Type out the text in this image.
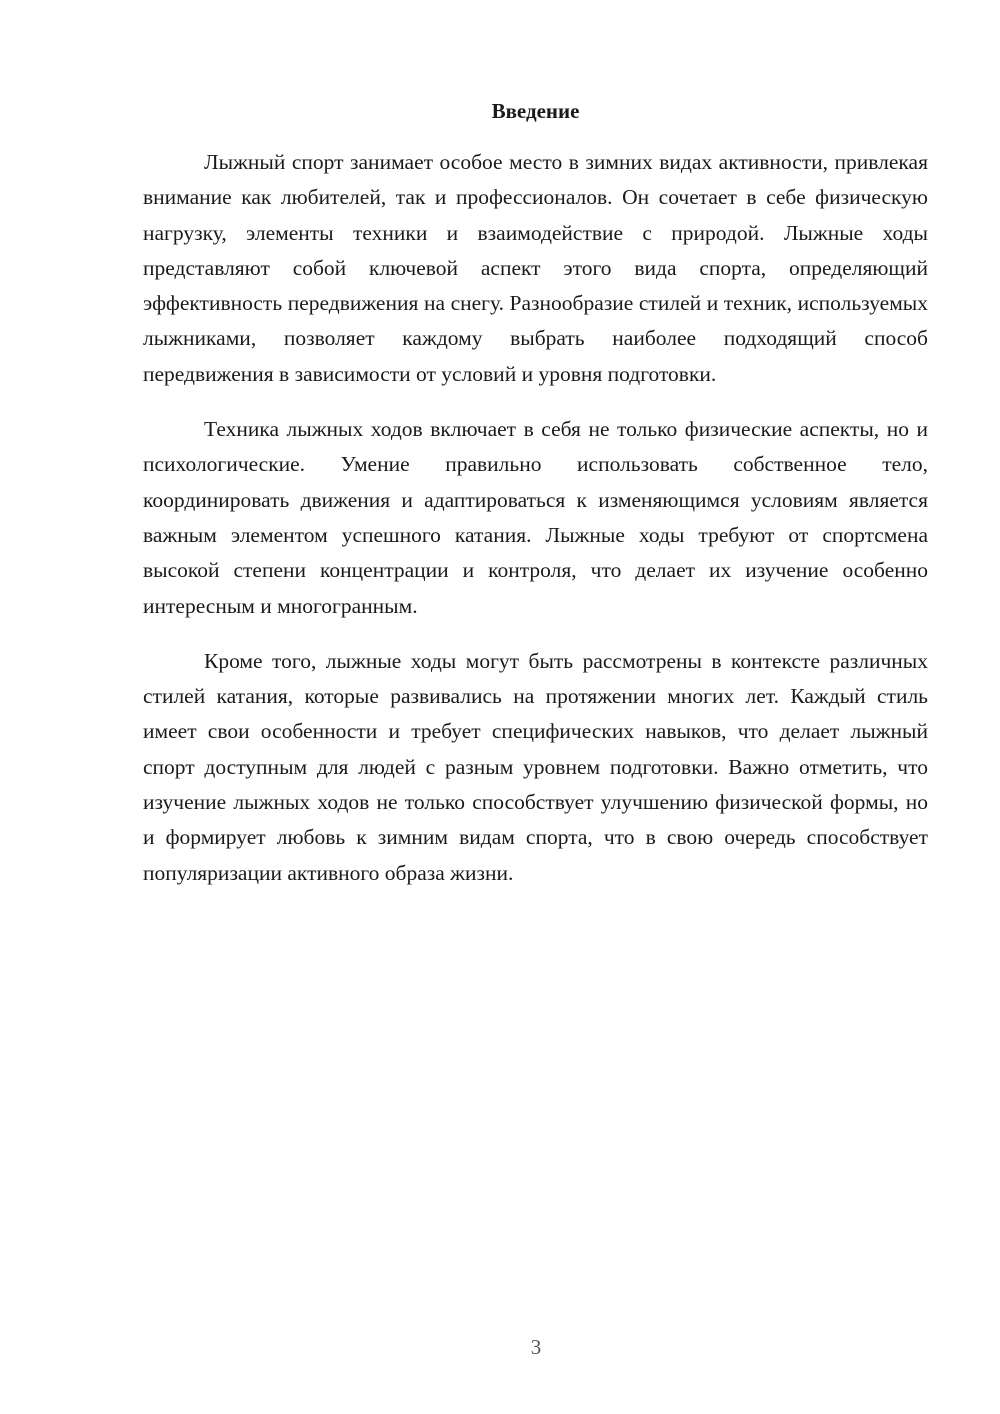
Введение

Лыжный спорт занимает особое место в зимних видах активности, привлекая внимание как любителей, так и профессионалов. Он сочетает в себе физическую нагрузку, элементы техники и взаимодействие с природой. Лыжные ходы представляют собой ключевой аспект этого вида спорта, определяющий эффективность передвижения на снегу. Разнообразие стилей и техник, используемых лыжниками, позволяет каждому выбрать наиболее подходящий способ передвижения в зависимости от условий и уровня подготовки.

Техника лыжных ходов включает в себя не только физические аспекты, но и психологические. Умение правильно использовать собственное тело, координировать движения и адаптироваться к изменяющимся условиям является важным элементом успешного катания. Лыжные ходы требуют от спортсмена высокой степени концентрации и контроля, что делает их изучение особенно интересным и многогранным.

Кроме того, лыжные ходы могут быть рассмотрены в контексте различных стилей катания, которые развивались на протяжении многих лет. Каждый стиль имеет свои особенности и требует специфических навыков, что делает лыжный спорт доступным для людей с разным уровнем подготовки. Важно отметить, что изучение лыжных ходов не только способствует улучшению физической формы, но и формирует любовь к зимним видам спорта, что в свою очередь способствует популяризации активного образа жизни.

3
